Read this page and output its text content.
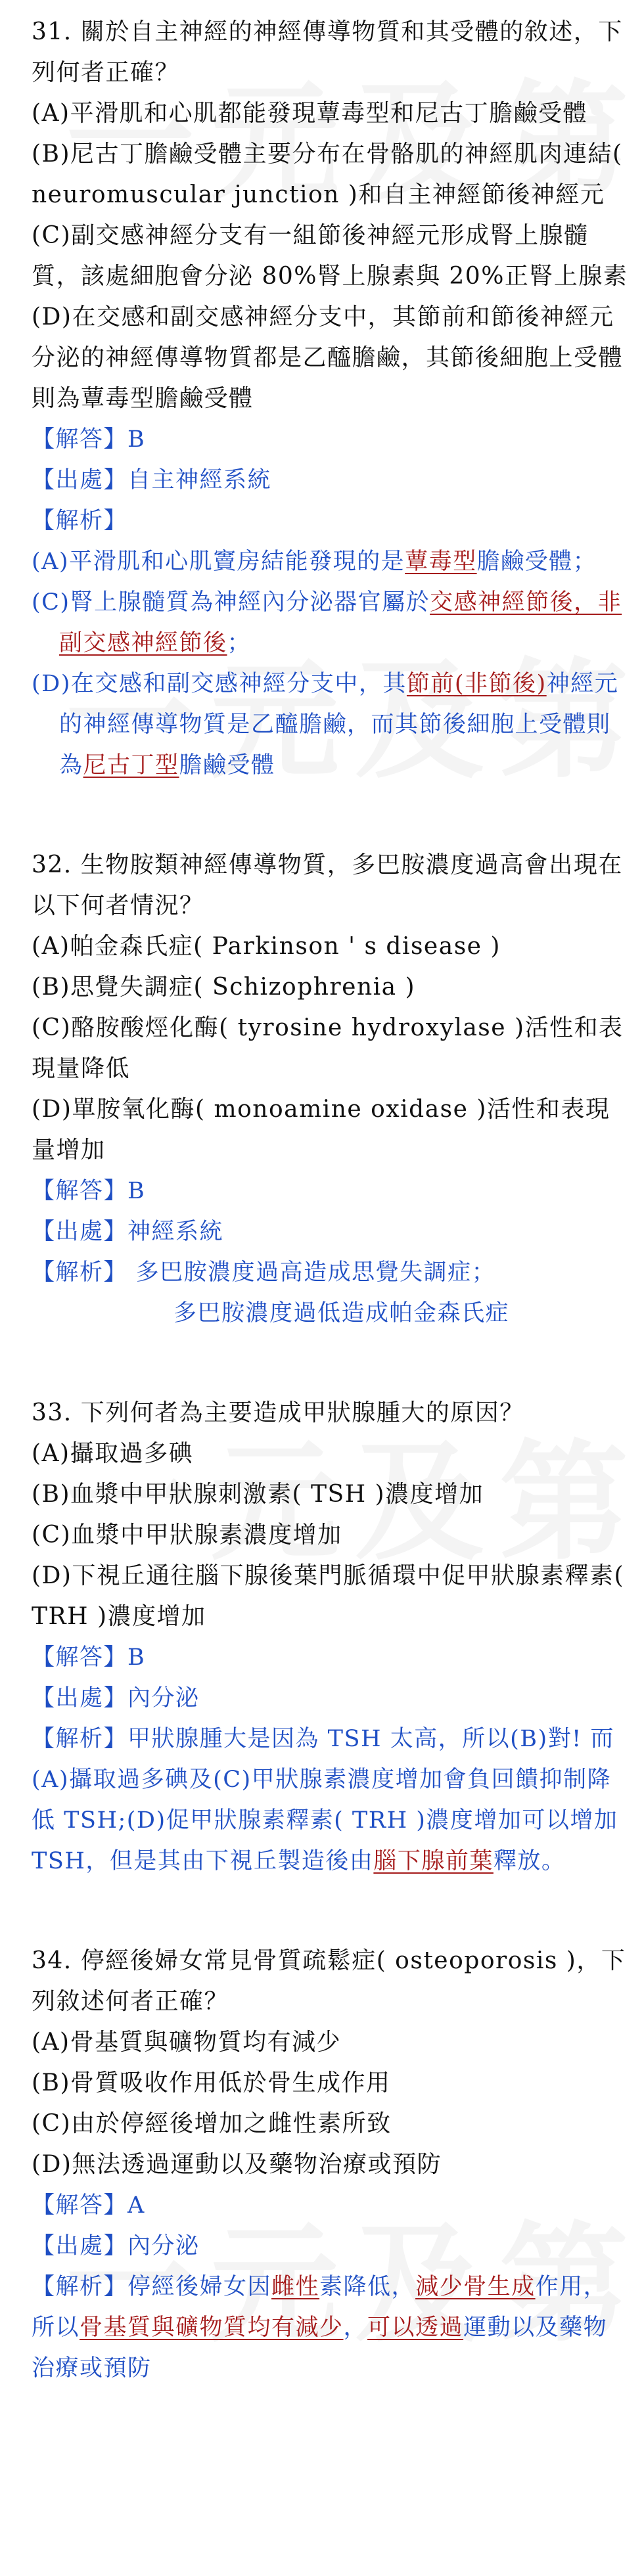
31. 關於自主神經的神經傳導物質和其受體的敘述，下列何者正確？

(A)平滑肌和心肌都能發現蕈毒型和尼古丁膽鹼受體

(B)尼古丁膽鹼受體主要分布在骨骼肌的神經肌肉連結( neuromuscular junction )和自主神經節後神經元

(C)副交感神經分支有一組節後神經元形成腎上腺髓質，該處細胞會分泌 80%腎上腺素與 20%正腎上腺素

(D)在交感和副交感神經分支中，其節前和節後神經元分泌的神經傳導物質都是乙醯膽鹼，其節後細胞上受體則為蕈毒型膽鹼受體

【解答】B

【出處】自主神經系統

【解析】

(A)平滑肌和心肌竇房結能發現的是蕈毒型膽鹼受體；

(C)腎上腺髓質為神經內分泌器官屬於交感神經節後，非副交感神經節後；

(D)在交感和副交感神經分支中，其節前(非節後)神經元的神經傳導物質是乙醯膽鹼，而其節後細胞上受體則為尼古丁型膽鹼受體

32. 生物胺類神經傳導物質，多巴胺濃度過高會出現在以下何者情況？

(A)帕金森氏症( Parkinson ' s disease )

(B)思覺失調症( Schizophrenia )

(C)酪胺酸烴化酶( tyrosine hydroxylase )活性和表現量降低

(D)單胺氧化酶( monoamine oxidase )活性和表現量增加

【解答】B

【出處】神經系統

【解析】 多巴胺濃度過高造成思覺失調症；
多巴胺濃度過低造成帕金森氏症

33. 下列何者為主要造成甲狀腺腫大的原因？

(A)攝取過多碘

(B)血漿中甲狀腺刺激素( TSH )濃度增加

(C)血漿中甲狀腺素濃度增加

(D)下視丘通往腦下腺後葉門脈循環中促甲狀腺素釋素( TRH )濃度增加

【解答】B

【出處】內分泌

【解析】甲狀腺腫大是因為 TSH 太高，所以(B)對! 而(A)攝取過多碘及(C)甲狀腺素濃度增加會負回饋抑制降低 TSH;(D)促甲狀腺素釋素( TRH )濃度增加可以增加 TSH，但是其由下視丘製造後由腦下腺前葉釋放。

34. 停經後婦女常見骨質疏鬆症( osteoporosis )，下列敘述何者正確？

(A)骨基質與礦物質均有減少

(B)骨質吸收作用低於骨生成作用

(C)由於停經後增加之雌性素所致

(D)無法透過運動以及藥物治療或預防

【解答】A

【出處】內分泌

【解析】停經後婦女因雌性素降低，減少骨生成作用，所以骨基質與礦物質均有減少，可以透過運動以及藥物治療或預防
